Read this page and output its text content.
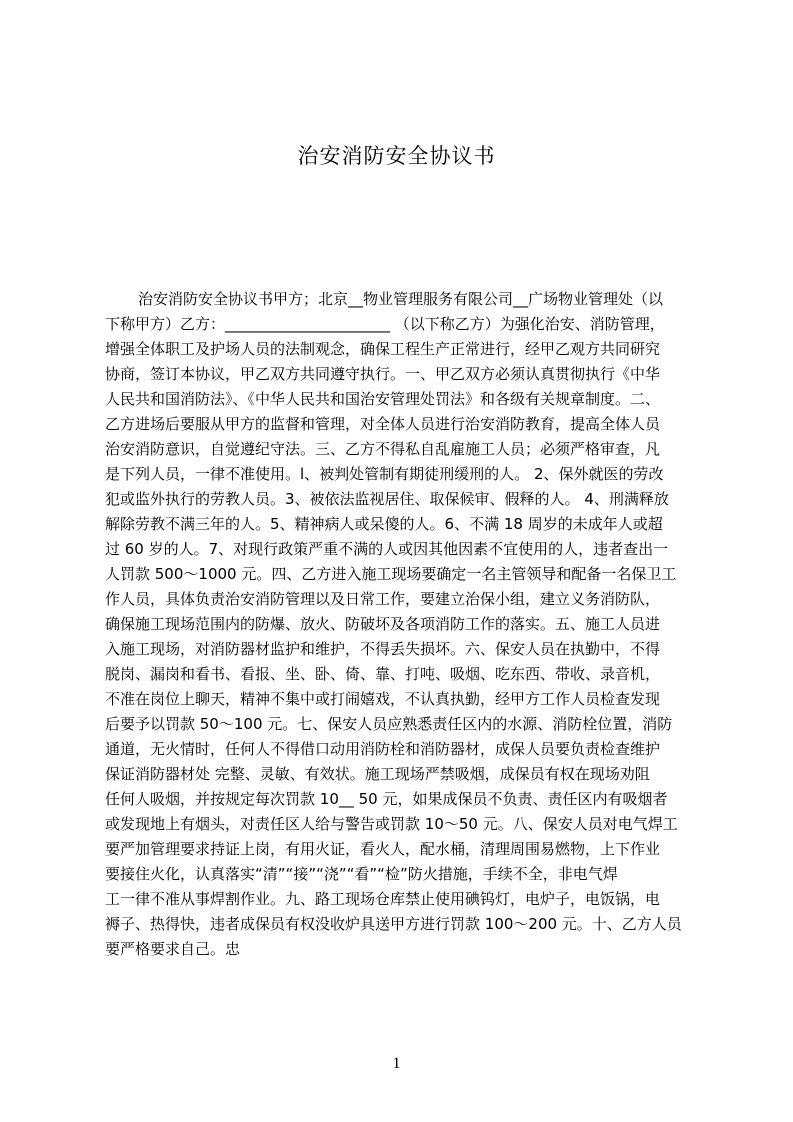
治安消防安全协议书
治安消防安全协议书甲方；北京__物业管理服务有限公司__广场物业管理处（以
下称甲方）乙方：______________________ （以下称乙方）为强化治安、消防管理，
增强全体职工及护场人员的法制观念，确保工程生产正常进行，经甲乙观方共同研究
协商，签订本协议，甲乙双方共同遵守执行。一、甲乙双方必须认真贯彻执行《中华
人民共和国消防法》、《中华人民共和国治安管理处罚法》和各级有关规章制度。二、
乙方进场后要服从甲方的监督和管理，对全体人员进行治安消防教育，提高全体人员
治安消防意识，自觉遵纪守法。三、乙方不得私自乱雇施工人员；必须严格审查，凡
是下列人员，一律不准使用。l、被判处管制有期徒刑缓刑的人。 2、保外就医的劳改
犯或监外执行的劳教人员。3、被依法监视居住、取保候审、假释的人。 4、刑满释放
解除劳教不满三年的人。5、精神病人或呆傻的人。6、不满 18 周岁的未成年人或超
过 60 岁的人。7、对现行政策严重不满的人或因其他因素不宜使用的人，违者查出一
人罚款 500～1000 元。四、乙方进入施工现场要确定一名主管领导和配备一名保卫工
作人员，具体负责治安消防管理以及日常工作，要建立治保小组，建立义务消防队，
确保施工现场范围内的防爆、放火、防破坏及各项消防工作的落实。五、施工人员进
入施工现场，对消防器材监护和维护，不得丢失损坏。六、保安人员在执勤中，不得
脱岗、漏岗和看书、看报、坐、卧、倚、靠、打吨、吸烟、吃东西、带收、录音机，
不准在岗位上聊天，精神不集中或打闹嬉戏，不认真执勤，经甲方工作人员检查发现
后要予以罚款 50～100 元。七、保安人员应熟悉责任区内的水源、消防栓位置，消防
通道，无火情时，任何人不得借口动用消防栓和消防器材，成保人员要负责检查维护
保证消防器材处 完整、灵敏、有效状。施工现场严禁吸烟，成保员有权在现场劝阻
任何人吸烟，并按规定每次罚款 10__ 50 元，如果成保员不负责、责任区内有吸烟者
或发现地上有烟头，对责任区人给与警告或罚款 10～50 元。八、保安人员对电气焊工
要严加管理要求持证上岗，有用火证，看火人，配水桶，清理周围易燃物，上下作业
要接住火化，认真落实“清”“接”“浇”“看”“检”防火措施，手续不全，非电气焊
工一律不准从事焊割作业。九、路工现场仓库禁止使用碘钨灯，电炉子，电饭锅，电
褥子、热得快，违者成保员有权没收炉具送甲方进行罚款 100～200 元。十、乙方人员
要严格要求自己。忠
1
